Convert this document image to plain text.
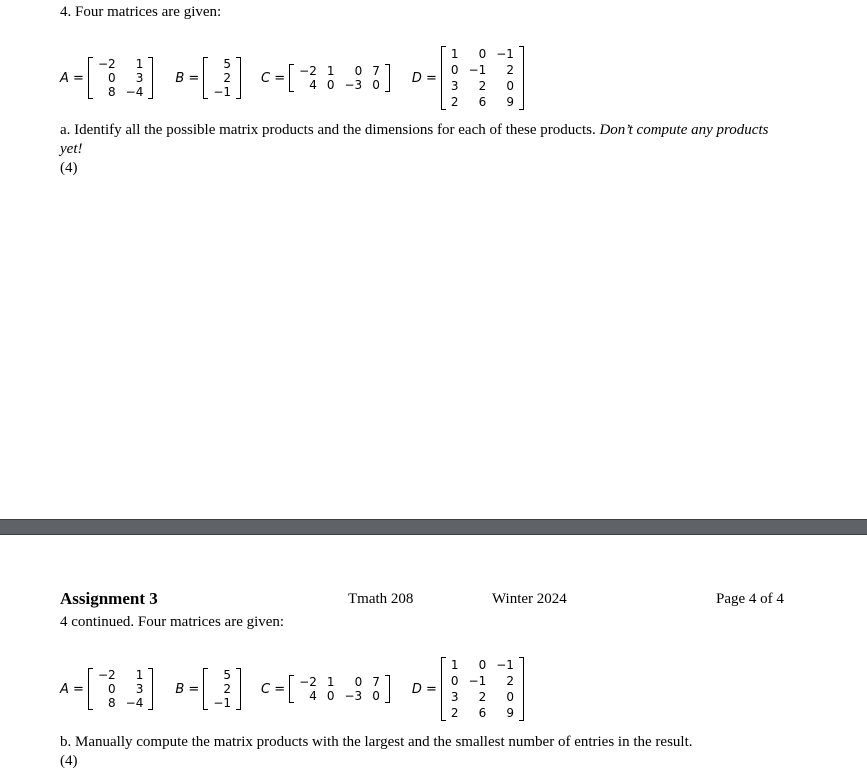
4. Four matrices are given:
A =
−2	1
0	3
8	−4
B =
5
2
−1
C = −2	1	0	7
4	0	−3	0 D =
1	0	−1
0	−1	2
3	2	0
2	6	9
a. Identify all the possible matrix products and the dimensions for each of these products. Don’t compute any products
yet!
(4)
Assignment 3	Tmath 208	Winter 2024	Page 4 of 4
4 continued. Four matrices are given:
A =
−2	1
0	3
8	−4
B =
5
2
−1
C = −2	1	0	7
4	0	−3	0 D =
1	0	−1
0	−1	2
3	2	0
2	6	9
b. Manually compute the matrix products with the largest and the smallest number of entries in the result.
(4)
